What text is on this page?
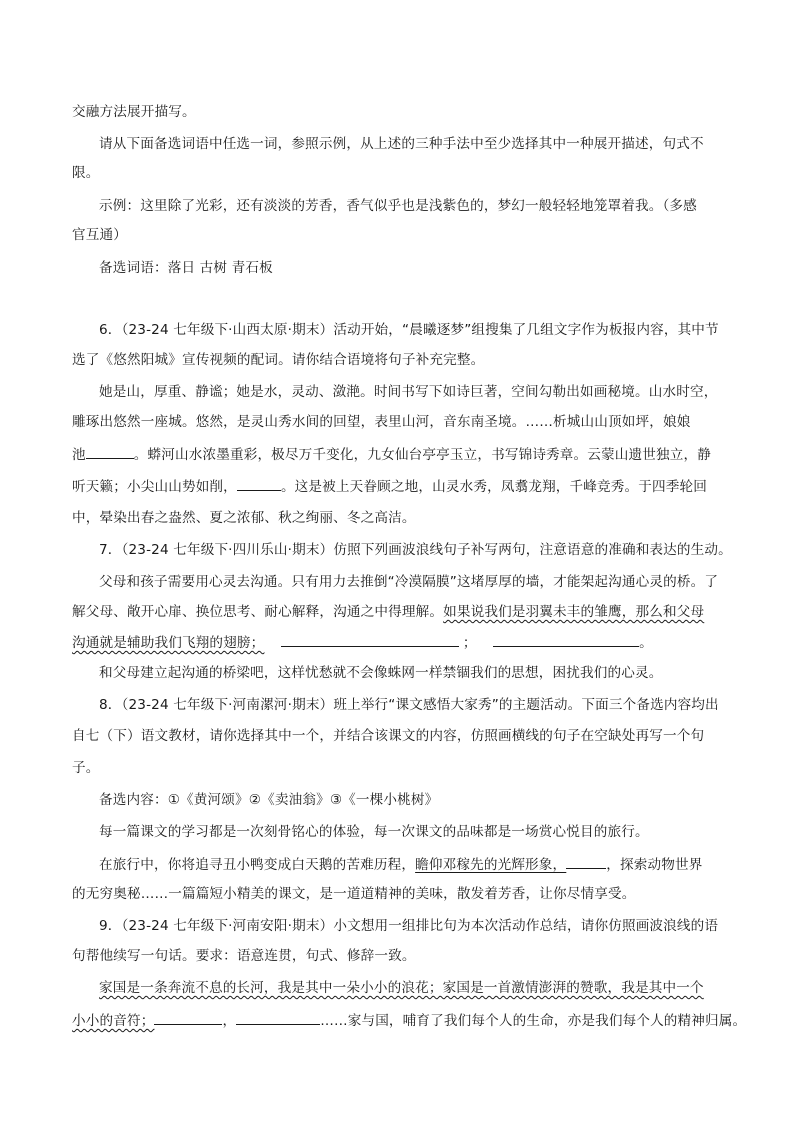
交融方法展开描写。
请从下面备选词语中任选一词，参照示例，从上述的三种手法中至少选择其中一种展开描述，句式不
限。
示例：这里除了光彩，还有淡淡的芳香，香气似乎也是浅紫色的，梦幻一般轻轻地笼罩着我。（多感
官互通）
备选词语：落日 古树 青石板
6．（23-24 七年级下·山西太原·期末）活动开始，“晨曦逐梦”组搜集了几组文字作为板报内容，其中节
选了《悠然阳城》宣传视频的配词。请你结合语境将句子补充完整。
她是山，厚重、静谧；她是水，灵动、潋滟。时间书写下如诗巨著，空间勾勒出如画秘境。山水时空，
雕琢出悠然一座城。悠然，是灵山秀水间的回望，表里山河，音东南圣境。……析城山山顶如坪，娘娘
池	。蟒河山水浓墨重彩，极尽万千变化，九女仙台亭亭玉立，书写锦诗秀章。云蒙山遗世独立，静
听天籁；小尖山山势如削，	。这是被上天眷顾之地，山灵水秀，凤翥龙翔，千峰竞秀。于四季轮回
中，晕染出春之盎然、夏之浓郁、秋之绚丽、冬之高洁。
7．（23-24 七年级下·四川乐山·期末）仿照下列画波浪线句子补写两句，注意语意的准确和表达的生动。
父母和孩子需要用心灵去沟通。只有用力去推倒“冷漠隔膜”这堵厚厚的墙，才能架起沟通心灵的桥。了
解父母、敞开心扉、换位思考、耐心解释，沟通之中得理解。如果说我们是羽翼未丰的雏鹰，那么和父母
沟通就是辅助我们飞翔的翅膀；	；	。
和父母建立起沟通的桥梁吧，这样忧愁就不会像蛛网一样禁锢我们的思想，困扰我们的心灵。
8．（23-24 七年级下·河南漯河·期末）班上举行“课文感悟大家秀”的主题活动。下面三个备选内容均出
自七（下）语文教材，请你选择其中一个，并结合该课文的内容，仿照画横线的句子在空缺处再写一个句
子。
备选内容：①《黄河颂》②《卖油翁》③《一棵小桃树》
每一篇课文的学习都是一次刻骨铭心的体验，每一次课文的品味都是一场赏心悦目的旅行。
在旅行中，你将追寻丑小鸭变成白天鹅的苦难历程，瞻仰邓稼先的光辉形象，	，探索动物世界
的无穷奥秘……一篇篇短小精美的课文，是一道道精神的美味，散发着芳香，让你尽情享受。
9．（23-24 七年级下·河南安阳·期末）小文想用一组排比句为本次活动作总结，请你仿照画波浪线的语
句帮他续写一句话。要求：语意连贯，句式、修辞一致。
家国是一条奔流不息的长河，我是其中一朵小小的浪花；家国是一首激情澎湃的赞歌，我是其中一个
小小的音符；	，	……家与国，哺育了我们每个人的生命，亦是我们每个人的精神归属。
